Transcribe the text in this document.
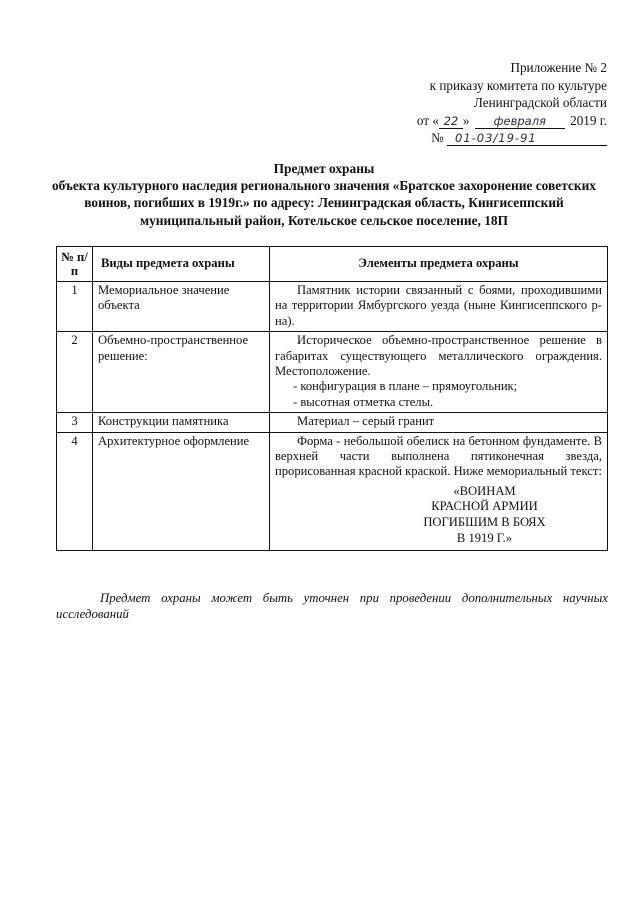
Приложение № 2
к приказу комитета по культуре
Ленинградской области
от « 22 » февраля 2019 г.
№ 01-03/19-91
Предмет охраны
объекта культурного наследия регионального значения «Братское захоронение советских воинов, погибших в 1919г.» по адресу: Ленинградская область, Кингисеппский муниципальный район, Котельское сельское поселение, 18П
№ п/п	Виды предмета охраны	Элементы предмета охраны
1	Мемориальное значение объекта	Памятник истории связанный с боями, проходившими на территории Ямбургского уезда (ныне Кингисеппского р-на).
2	Объемно-пространственное решение:	Историческое объемно-пространственное решение в габаритах существующего металлического ограждения. Местоположение.
- конфигурация в плане – прямоугольник;
- высотная отметка стелы.

3	Конструкции памятника	Материал – серый гранит
4	Архитектурное оформление	Форма - небольшой обелиск на бетонном фундаменте. В верхней части выполнена пятиконечная звезда, прорисованная красной краской. Ниже мемориальный текст:
«ВОИНАМ
КРАСНОЙ АРМИИ
ПОГИБШИМ В БОЯХ
В 1919 Г.»
Предмет охраны может быть уточнен при проведении дополнительных научных исследований
